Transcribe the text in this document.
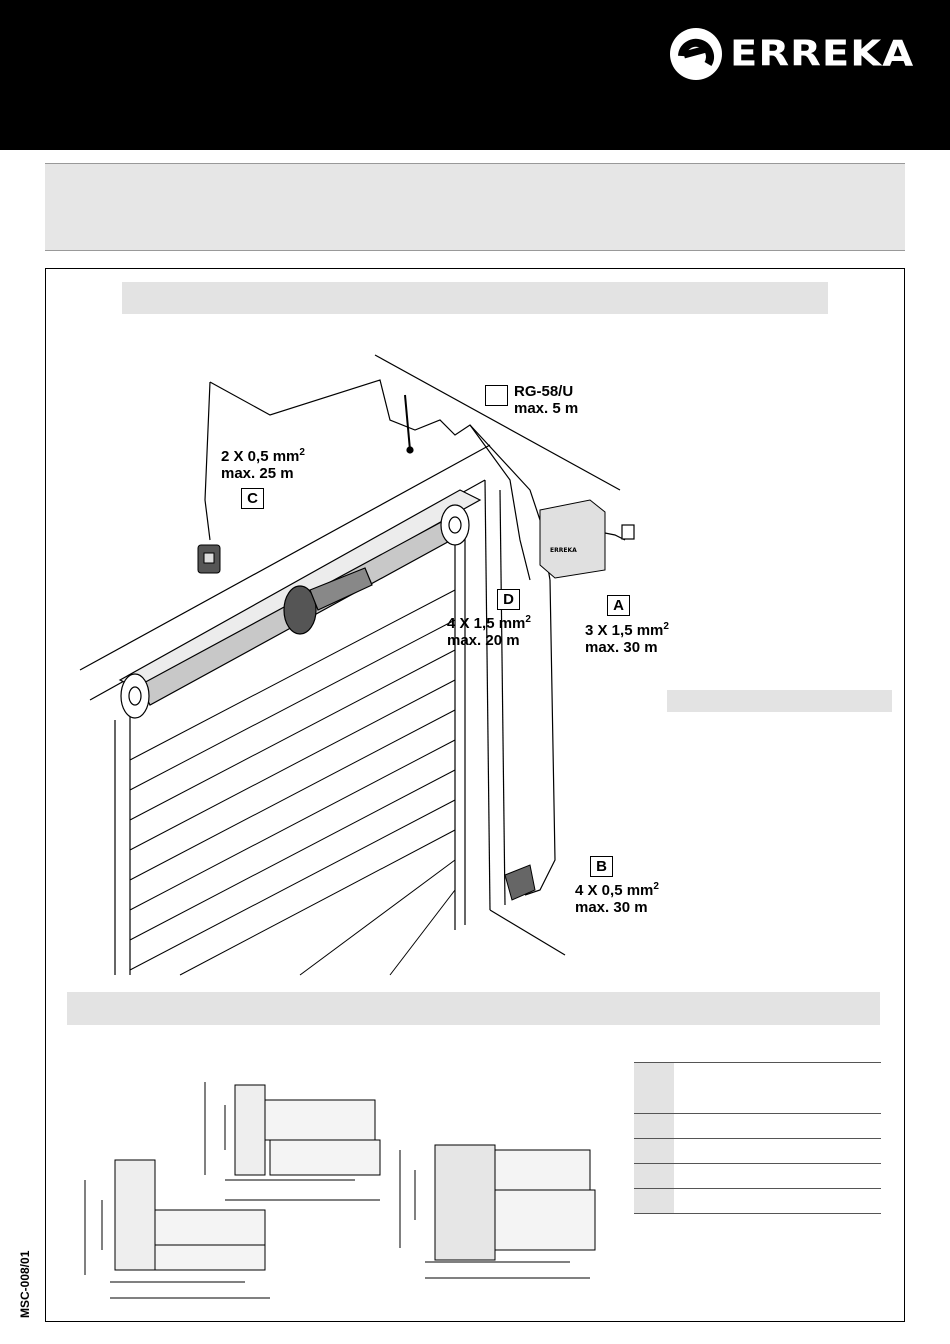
ERREKA
ERREKA
RG-58/U
max. 5 m
2 X 0,5 $mm^2$
max. 25 m
C
D
4 X 1,5 $mm^2$
max. 20 m
A
3 X 1,5 $mm^2$
max. 30 m
B
4 X 0,5 $mm^2$
max. 30 m

MSC-008/01
